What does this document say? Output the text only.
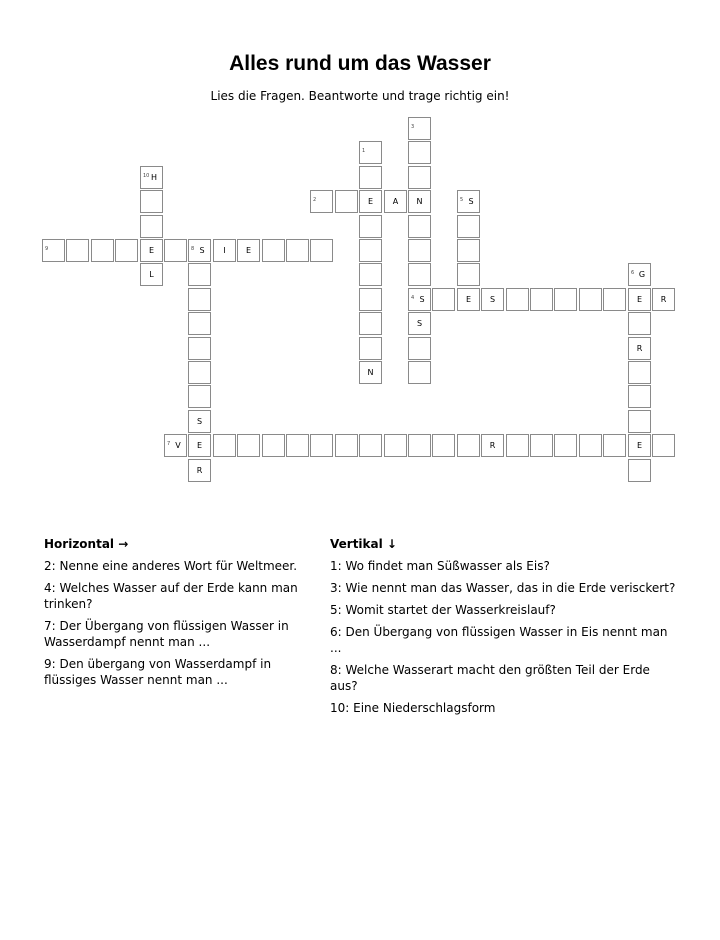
Alles rund um das Wasser
Lies die Fragen. Beantworte und trage richtig ein!
3
1
10 H
2	E	A	N	5 S
9	E	8 S	I	E
L	6 G
4 S	E	S	E	R
S
R
N
S
7 V	E	R	E
R
Horizontal →
2: Nenne eine anderes Wort für Weltmeer.
4: Welches Wasser auf der Erde kann man trinken?
7: Der Übergang von flüssigen Wasser in Wasserdampf nennt man ...
9: Den übergang von Wasserdampf in flüssiges Wasser nennt man ...
Vertikal ↓
1: Wo findet man Süßwasser als Eis?
3: Wie nennt man das Wasser, das in die Erde verisckert?
5: Womit startet der Wasserkreislauf?
6: Den Übergang von flüssigen Wasser in Eis nennt man ...
8: Welche Wasserart macht den größten Teil der Erde aus?
10: Eine Niederschlagsform
